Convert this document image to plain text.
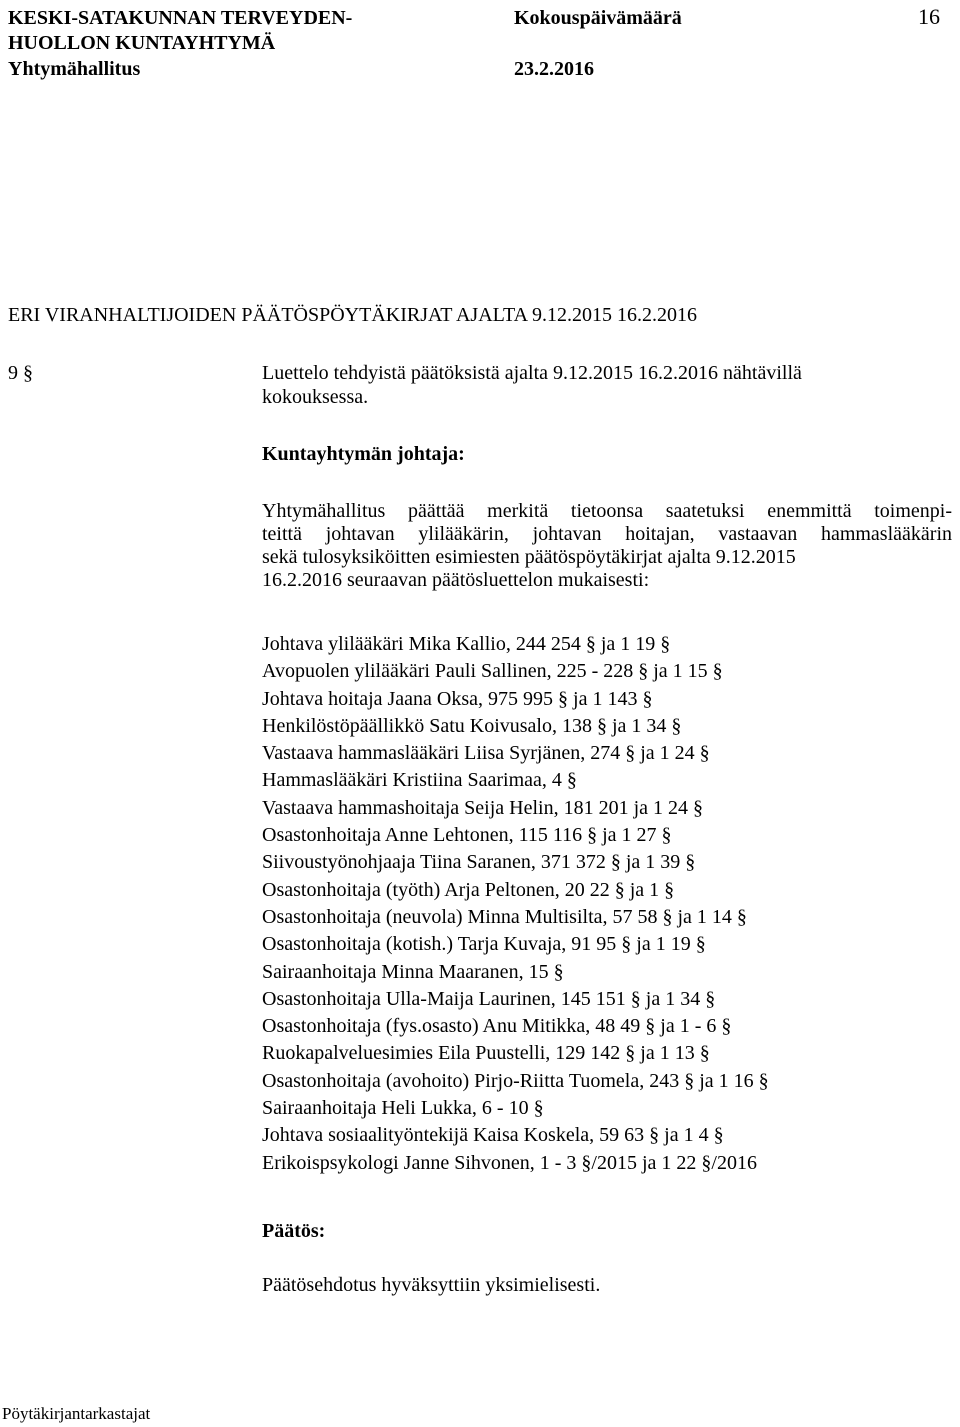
KESKI-SATAKUNNAN TERVEYDEN-
HUOLLON KUNTAYHTYMÄ
Yhtymähallitus
Kokouspäivämäärä
23.2.2016
16
ERI VIRANHALTIJOIDEN PÄÄTÖSPÖYTÄKIRJAT AJALTA 9.12.2015 16.2.2016
9 §	Luettelo tehdyistä päätöksistä ajalta 9.12.2015 16.2.2016 nähtävillä
kokouksessa.
Kuntayhtymän johtaja:
Yhtymähallitus päättää merkitä tietoonsa saatetuksi enemmittä toimenpi-
teittä johtavan ylilääkärin, johtavan hoitajan, vastaavan hammaslääkärin
sekä tulosyksiköitten esimiesten päätöspöytäkirjat ajalta 9.12.2015
16.2.2016 seuraavan päätösluettelon mukaisesti:
Johtava ylilääkäri Mika Kallio, 244 254 § ja 1 19 §
Avopuolen ylilääkäri Pauli Sallinen, 225 - 228 § ja 1 15 §
Johtava hoitaja Jaana Oksa, 975 995 § ja 1 143 §
Henkilöstöpäällikkö Satu Koivusalo, 138 § ja 1 34 §
Vastaava hammaslääkäri Liisa Syrjänen, 274 § ja 1 24 §
Hammaslääkäri Kristiina Saarimaa, 4 §
Vastaava hammashoitaja Seija Helin, 181 201 ja 1 24 §
Osastonhoitaja Anne Lehtonen, 115 116 § ja 1 27 §
Siivoustyönohjaaja Tiina Saranen, 371 372 § ja 1 39 §
Osastonhoitaja (työth) Arja Peltonen, 20 22 § ja 1 §
Osastonhoitaja (neuvola) Minna Multisilta, 57 58 § ja 1 14 §
Osastonhoitaja (kotish.) Tarja Kuvaja, 91 95 § ja 1 19 §
Sairaanhoitaja Minna Maaranen, 15 §
Osastonhoitaja Ulla-Maija Laurinen, 145 151 § ja 1 34 §
Osastonhoitaja (fys.osasto) Anu Mitikka, 48 49 § ja 1 - 6 §
Ruokapalveluesimies Eila Puustelli, 129 142 § ja 1 13 §
Osastonhoitaja (avohoito) Pirjo-Riitta Tuomela, 243 § ja 1 16 §
Sairaanhoitaja Heli Lukka, 6 - 10 §
Johtava sosiaalityöntekijä Kaisa Koskela, 59 63 § ja 1 4 §
Erikoispsykologi Janne Sihvonen, 1 - 3 §/2015 ja 1 22 §/2016
Päätös:
Päätösehdotus hyväksyttiin yksimielisesti.
Pöytäkirjantarkastajat
